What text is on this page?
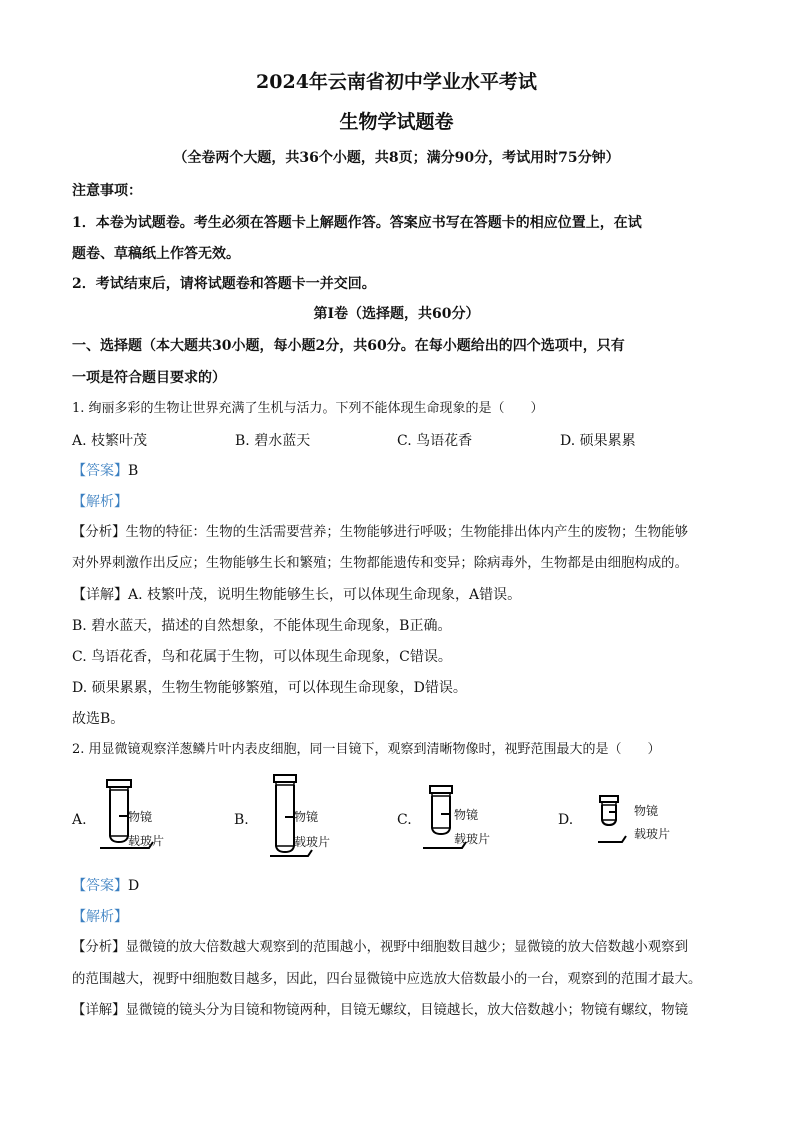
2024年云南省初中学业水平考试
生物学试题卷
（全卷两个大题，共36个小题，共8页；满分90分，考试用时75分钟）
注意事项：
1．本卷为试题卷。考生必须在答题卡上解题作答。答案应书写在答题卡的相应位置上，在试
题卷、草稿纸上作答无效。
2．考试结束后，请将试题卷和答题卡一并交回。
第Ⅰ卷（选择题，共60分）
一、选择题（本大题共30小题，每小题2分，共60分。在每小题给出的四个选项中，只有
一项是符合题目要求的）
1. 绚丽多彩的生物让世界充满了生机与活力。下列不能体现生命现象的是（　　）
A. 枝繁叶茂	B. 碧水蓝天	C. 鸟语花香	D. 硕果累累
【答案】B
【解析】
【分析】生物的特征：生物的生活需要营养；生物能够进行呼吸；生物能排出体内产生的废物；生物能够
对外界刺激作出反应；生物能够生长和繁殖；生物都能遗传和变异；除病毒外，生物都是由细胞构成的。
【详解】A. 枝繁叶茂，说明生物能够生长，可以体现生命现象，A错误。
B. 碧水蓝天，描述的自然想象，不能体现生命现象，B正确。
C. 鸟语花香，鸟和花属于生物，可以体现生命现象，C错误。
D. 硕果累累，生物生物能够繁殖，可以体现生命现象，D错误。
故选B。
2. 用显微镜观察洋葱鳞片叶内表皮细胞，同一目镜下，观察到清晰物像时，视野范围最大的是（　　）
A.	物镜
载玻片
B.	物镜
载玻片
C.	物镜
载玻片
D.
物镜
载玻片
【答案】D
【解析】
【分析】显微镜的放大倍数越大观察到的范围越小，视野中细胞数目越少；显微镜的放大倍数越小观察到
的范围越大，视野中细胞数目越多，因此，四台显微镜中应选放大倍数最小的一台，观察到的范围才最大。
【详解】显微镜的镜头分为目镜和物镜两种，目镜无螺纹，目镜越长，放大倍数越小；物镜有螺纹，物镜
